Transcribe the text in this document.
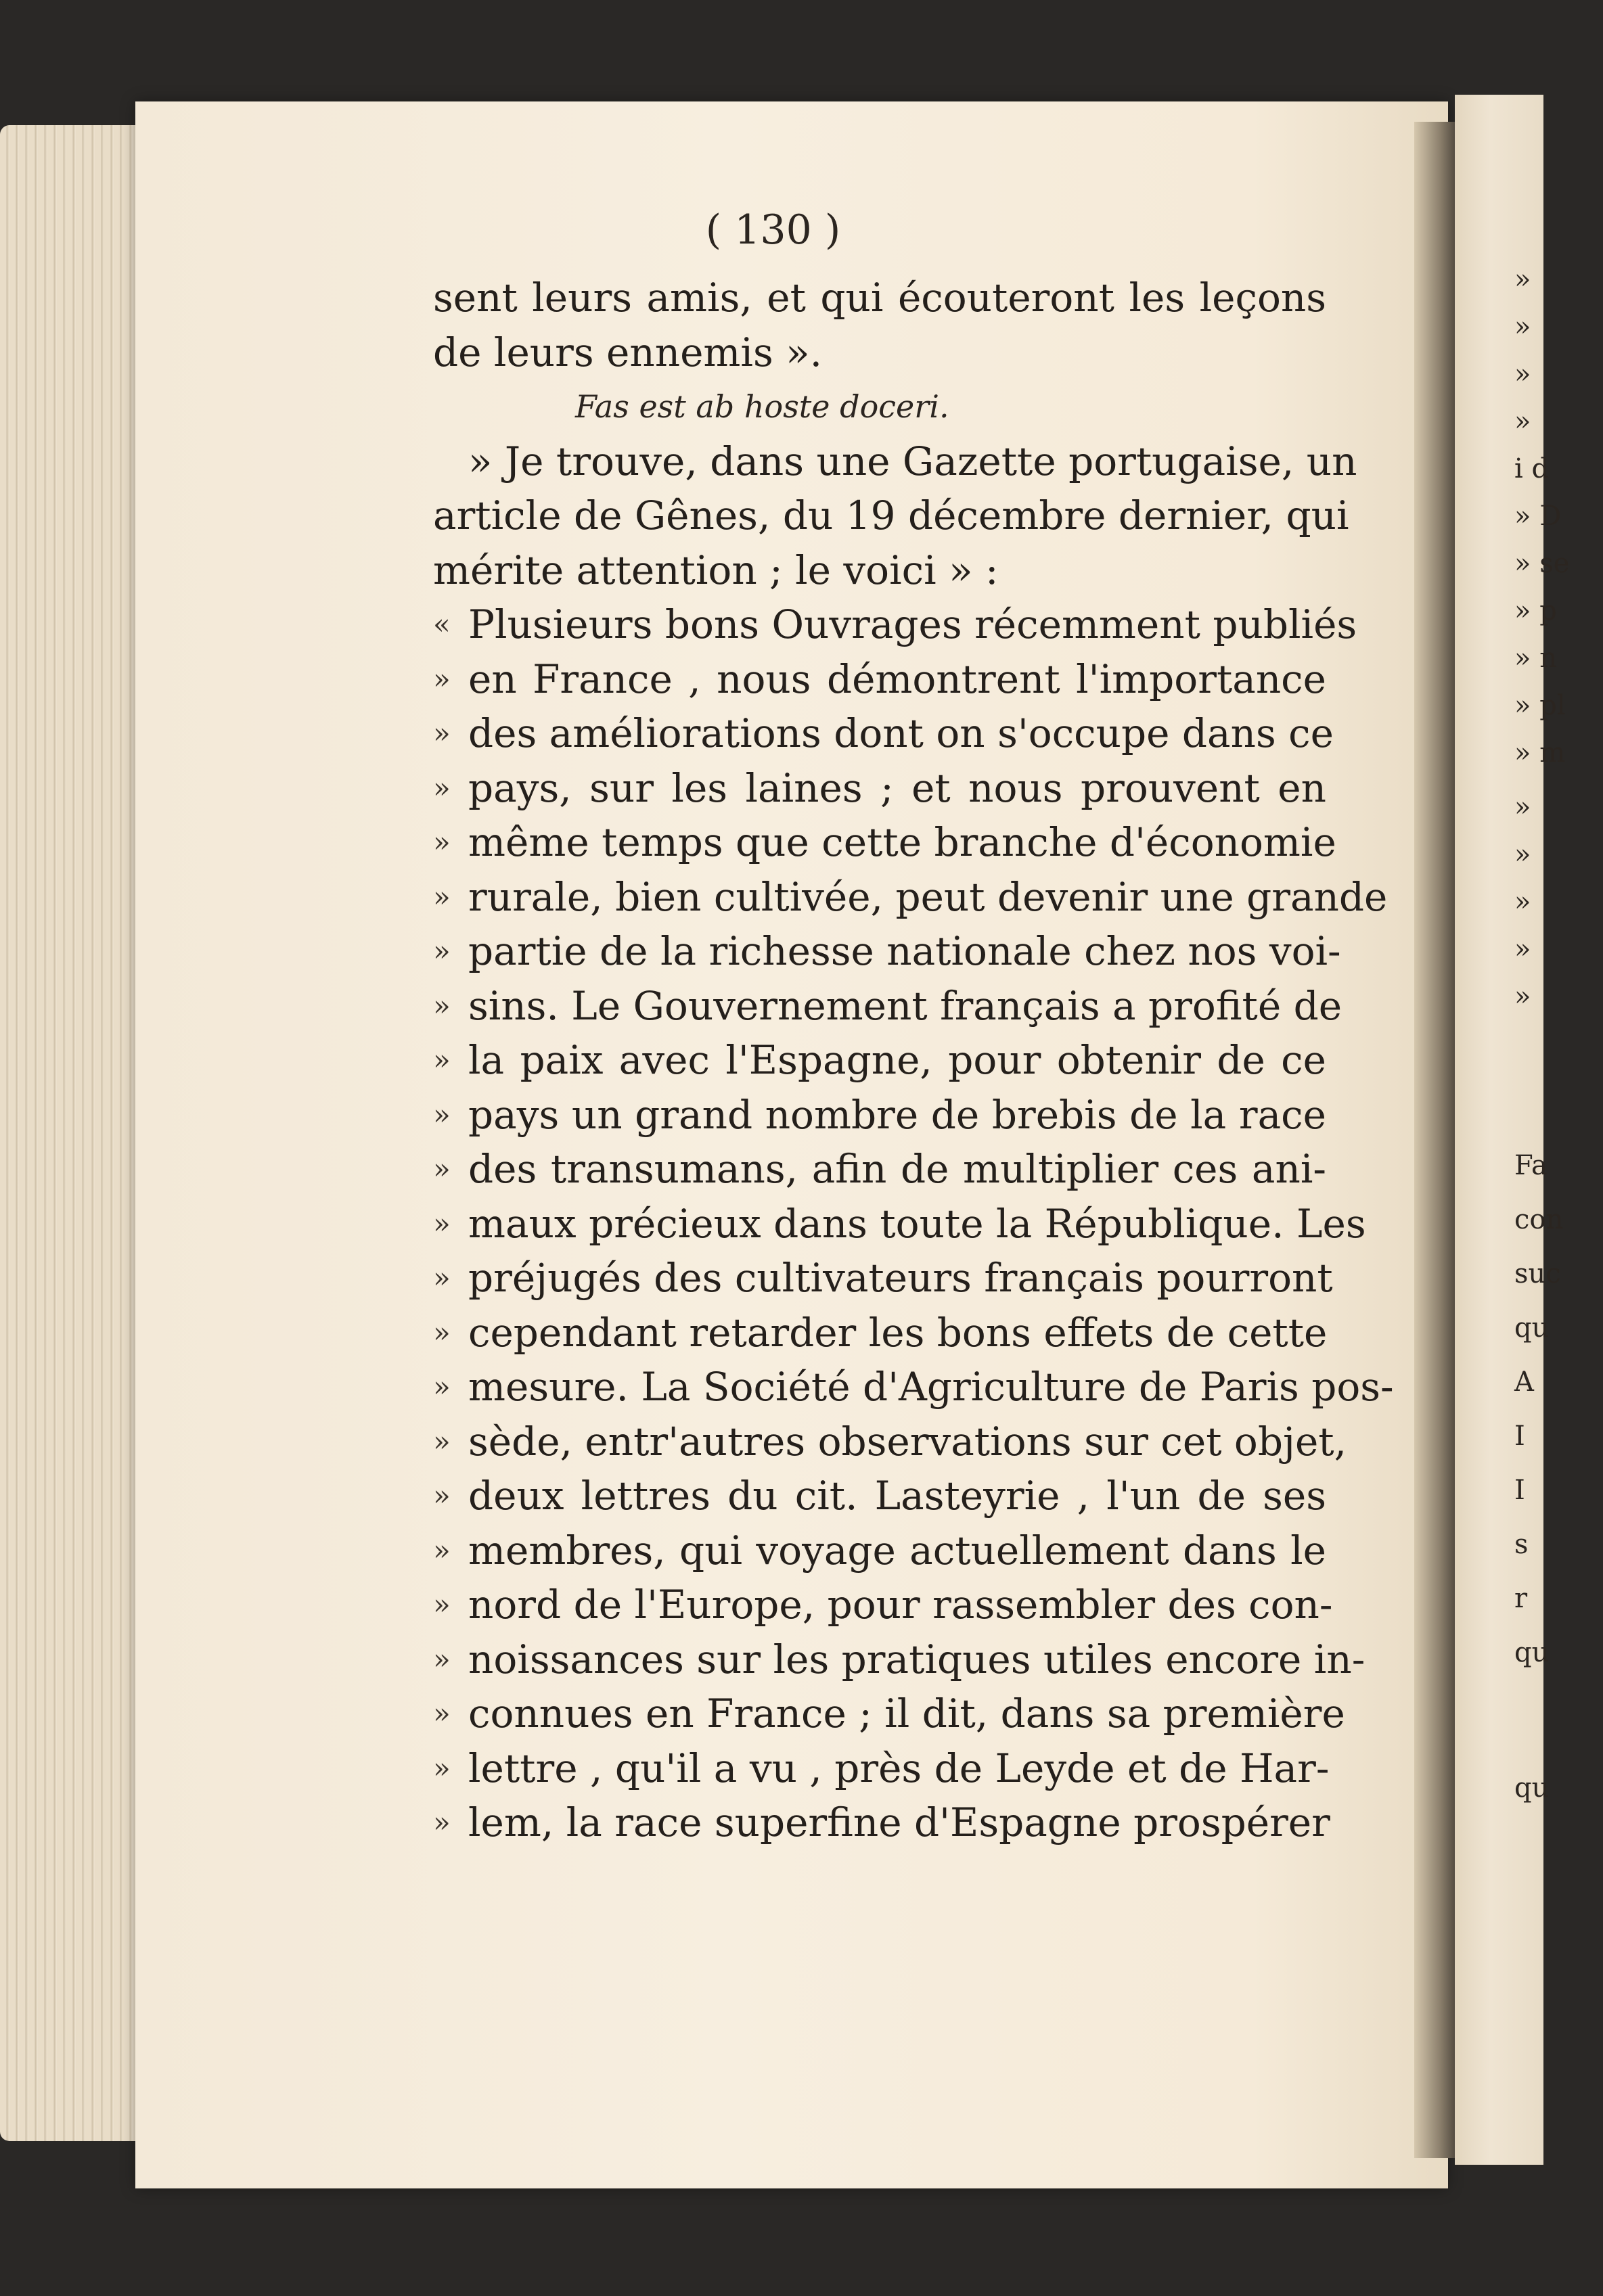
»
»
»
»
i d
» D
» se
» p
» n
» pl
» m
»
»
»
»
»
Fa
con
suc
qu
A
I
I
s
r
qu
qu
( 130 )
sent leurs amis, et qui écouteront les leçons
de leurs ennemis ».
Fas est ab hoste doceri.
» Je trouve, dans une Gazette portugaise, un
article de Gênes, du 19 décembre dernier, qui
mérite attention ; le voici » :
« Plusieurs bons Ouvrages récemment publiés
» en France , nous démontrent l'importance
» des améliorations dont on s'occupe dans ce
» pays, sur les laines ; et nous prouvent en
» même temps que cette branche d'économie
» rurale, bien cultivée, peut devenir une grande
» partie de la richesse nationale chez nos voi-
» sins. Le Gouvernement français a profité de
» la paix avec l'Espagne, pour obtenir de ce
» pays un grand nombre de brebis de la race
» des transumans, afin de multiplier ces ani-
» maux précieux dans toute la République. Les
» préjugés des cultivateurs français pourront
» cependant retarder les bons effets de cette
» mesure. La Société d'Agriculture de Paris pos-
» sède, entr'autres observations sur cet objet,
» deux lettres du cit. Lasteyrie , l'un de ses
» membres, qui voyage actuellement dans le
» nord de l'Europe, pour rassembler des con-
» noissances sur les pratiques utiles encore in-
» connues en France ; il dit, dans sa première
» lettre , qu'il a vu , près de Leyde et de Har-
» lem, la race superfine d'Espagne prospérer
